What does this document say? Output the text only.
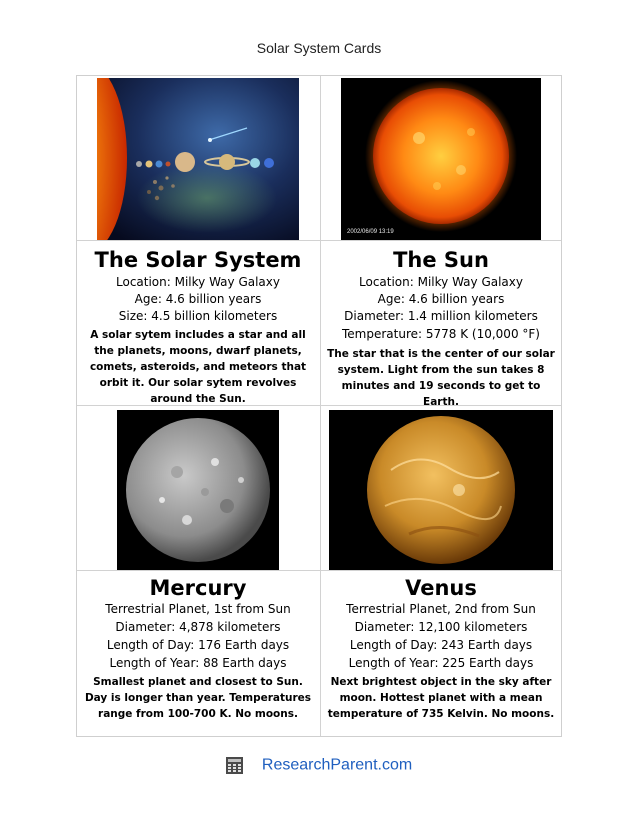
Solar System Cards
2002/06/09 13:19
The Solar System
Location: Milky Way Galaxy
Age: 4.6 billion years
Size: 4.5 billion kilometers
A solar sytem includes a star and all the planets, moons, dwarf planets, comets, asteroids, and meteors that orbit it. Our solar sytem revolves around the Sun.
The Sun
Location: Milky Way Galaxy
Age: 4.6 billion years
Diameter: 1.4 million kilometers
Temperature: 5778 K (10,000 °F)
The star that is the center of our solar system. Light from the sun takes 8 minutes and 19 seconds to get to Earth.
Mercury
Terrestrial Planet, 1st from Sun
Diameter: 4,878 kilometers
Length of Day: 176 Earth days
Length of Year: 88 Earth days
Smallest planet and closest to Sun. Day is longer than year. Temperatures range from 100-700 K. No moons.
Venus
Terrestrial Planet, 2nd from Sun
Diameter: 12,100 kilometers
Length of Day: 243 Earth days
Length of Year: 225 Earth days
Next brightest object in the sky after moon. Hottest planet with a mean temperature of 735 Kelvin. No moons.
ResearchParent.com
